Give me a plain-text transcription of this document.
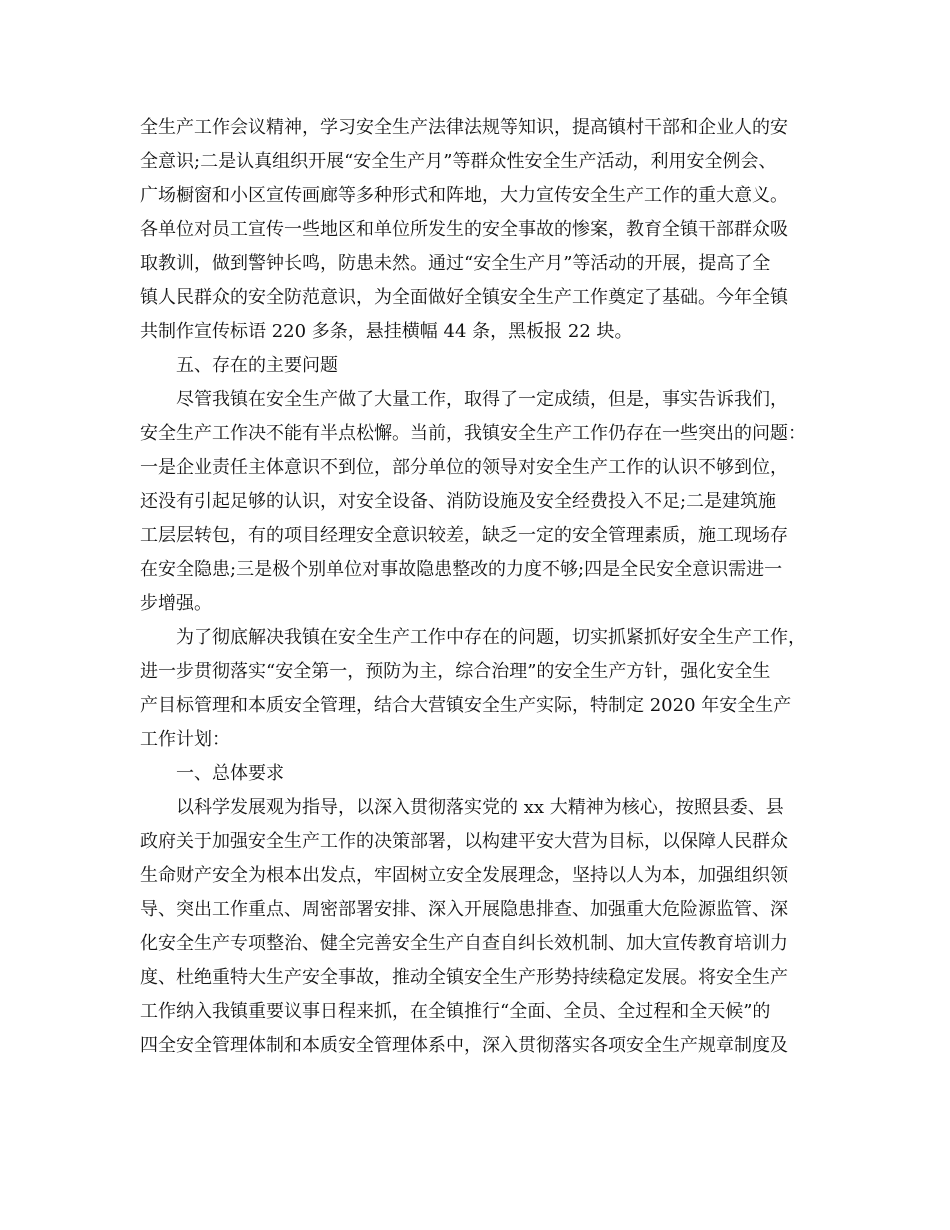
全生产工作会议精神，学习安全生产法律法规等知识，提高镇村干部和企业人的安
全意识;二是认真组织开展“安全生产月”等群众性安全生产活动，利用安全例会、
广场橱窗和小区宣传画廊等多种形式和阵地，大力宣传安全生产工作的重大意义。
各单位对员工宣传一些地区和单位所发生的安全事故的惨案，教育全镇干部群众吸
取教训，做到警钟长鸣，防患未然。通过“安全生产月”等活动的开展，提高了全
镇人民群众的安全防范意识，为全面做好全镇安全生产工作奠定了基础。今年全镇
共制作宣传标语 220 多条，悬挂横幅 44 条，黑板报 22 块。
五、存在的主要问题
尽管我镇在安全生产做了大量工作，取得了一定成绩，但是，事实告诉我们，
安全生产工作决不能有半点松懈。当前，我镇安全生产工作仍存在一些突出的问题：
一是企业责任主体意识不到位，部分单位的领导对安全生产工作的认识不够到位，
还没有引起足够的认识，对安全设备、消防设施及安全经费投入不足;二是建筑施
工层层转包，有的项目经理安全意识较差，缺乏一定的安全管理素质，施工现场存
在安全隐患;三是极个别单位对事故隐患整改的力度不够;四是全民安全意识需进一
步增强。
为了彻底解决我镇在安全生产工作中存在的问题，切实抓紧抓好安全生产工作，
进一步贯彻落实“安全第一，预防为主，综合治理”的安全生产方针，强化安全生
产目标管理和本质安全管理，结合大营镇安全生产实际，特制定 2020 年安全生产
工作计划：
一、总体要求
以科学发展观为指导，以深入贯彻落实党的 xx 大精神为核心，按照县委、县
政府关于加强安全生产工作的决策部署，以构建平安大营为目标，以保障人民群众
生命财产安全为根本出发点，牢固树立安全发展理念，坚持以人为本，加强组织领
导、突出工作重点、周密部署安排、深入开展隐患排查、加强重大危险源监管、深
化安全生产专项整治、健全完善安全生产自查自纠长效机制、加大宣传教育培训力
度、杜绝重特大生产安全事故，推动全镇安全生产形势持续稳定发展。将安全生产
工作纳入我镇重要议事日程来抓，在全镇推行“全面、全员、全过程和全天候”的
四全安全管理体制和本质安全管理体系中，深入贯彻落实各项安全生产规章制度及
